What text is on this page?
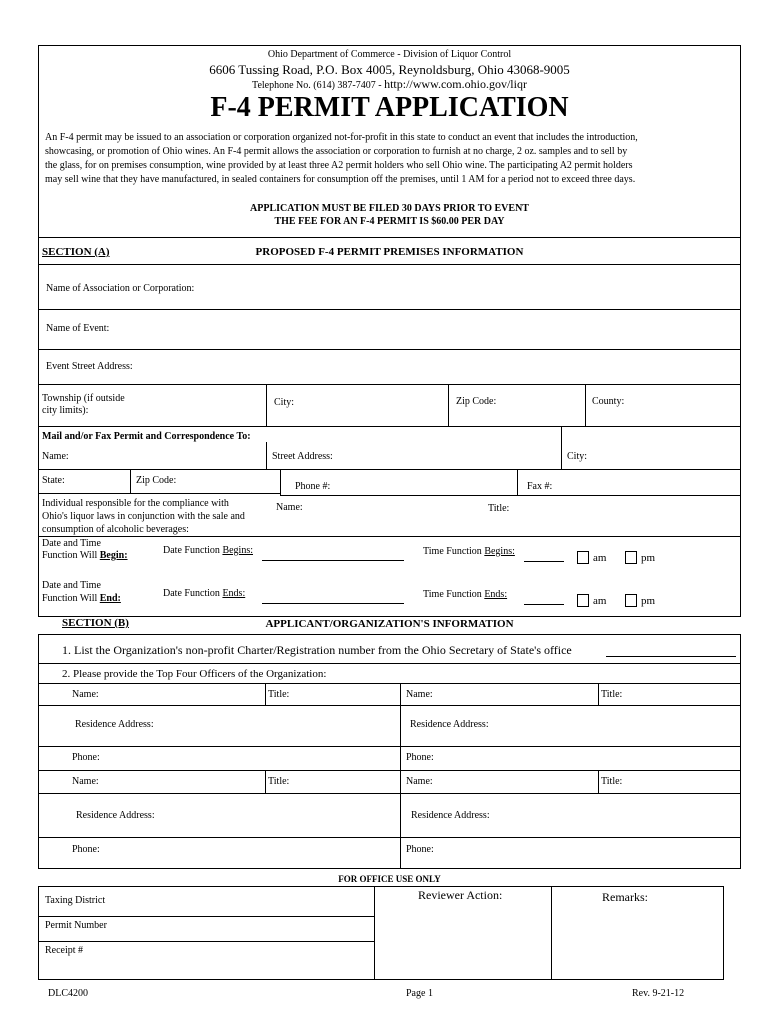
Ohio Department of Commerce - Division of Liquor Control
6606 Tussing Road, P.O. Box 4005, Reynoldsburg, Ohio 43068-9005
Telephone No. (614) 387-7407 - http://www.com.ohio.gov/liqr
F-4 PERMIT APPLICATION
An F-4 permit may be issued to an association or corporation organized not-for-profit in this state to conduct an event that includes the introduction,
showcasing, or promotion of Ohio wines. An F-4 permit allows the association or corporation to furnish at no charge, 2 oz. samples and to sell by
the glass, for on premises consumption, wine provided by at least three A2 permit holders who sell Ohio wine. The participating A2 permit holders
may sell wine that they have manufactured, in sealed containers for consumption off the premises, until 1 AM for a period not to exceed three days.
APPLICATION MUST BE FILED 30 DAYS PRIOR TO EVENT
THE FEE FOR AN F-4 PERMIT IS $60.00 PER DAY
SECTION (A)	PROPOSED F-4 PERMIT PREMISES INFORMATION
Name of Association or Corporation:
Name of Event:
Event Street Address:
Township (if outside
city limits):
City:	Zip Code:	County:
Mail and/or Fax Permit and Correspondence To:
Name:	Street Address:	City:
State:	Zip Code:
Phone #:	Fax #:
Individual responsible for the compliance with
Ohio's liquor laws in conjunction with the sale and
consumption of alcoholic beverages:
Name:	Title:
Date and Time
Function Will Begin:	Date Function Begins:	Time Function Begins:
am	pm
Date and Time
Function Will End:	Date Function Ends:	Time Function Ends:
am	pm
SECTION (B)	APPLICANT/ORGANIZATION'S INFORMATION
1. List the Organization's non-profit Charter/Registration number from the Ohio Secretary of State's office
2. Please provide the Top Four Officers of the Organization:
Name:	Title:
Residence Address:
Phone:
Name:	Title:
Residence Address:
Phone:
Name:	Title:
Residence Address:
Phone:
Name:	Title:
Residence Address:
Phone:
FOR OFFICE USE ONLY
Taxing District
Permit Number
Receipt #
Reviewer Action:	Remarks:
DLC4200	Page 1	Rev. 9-21-12
